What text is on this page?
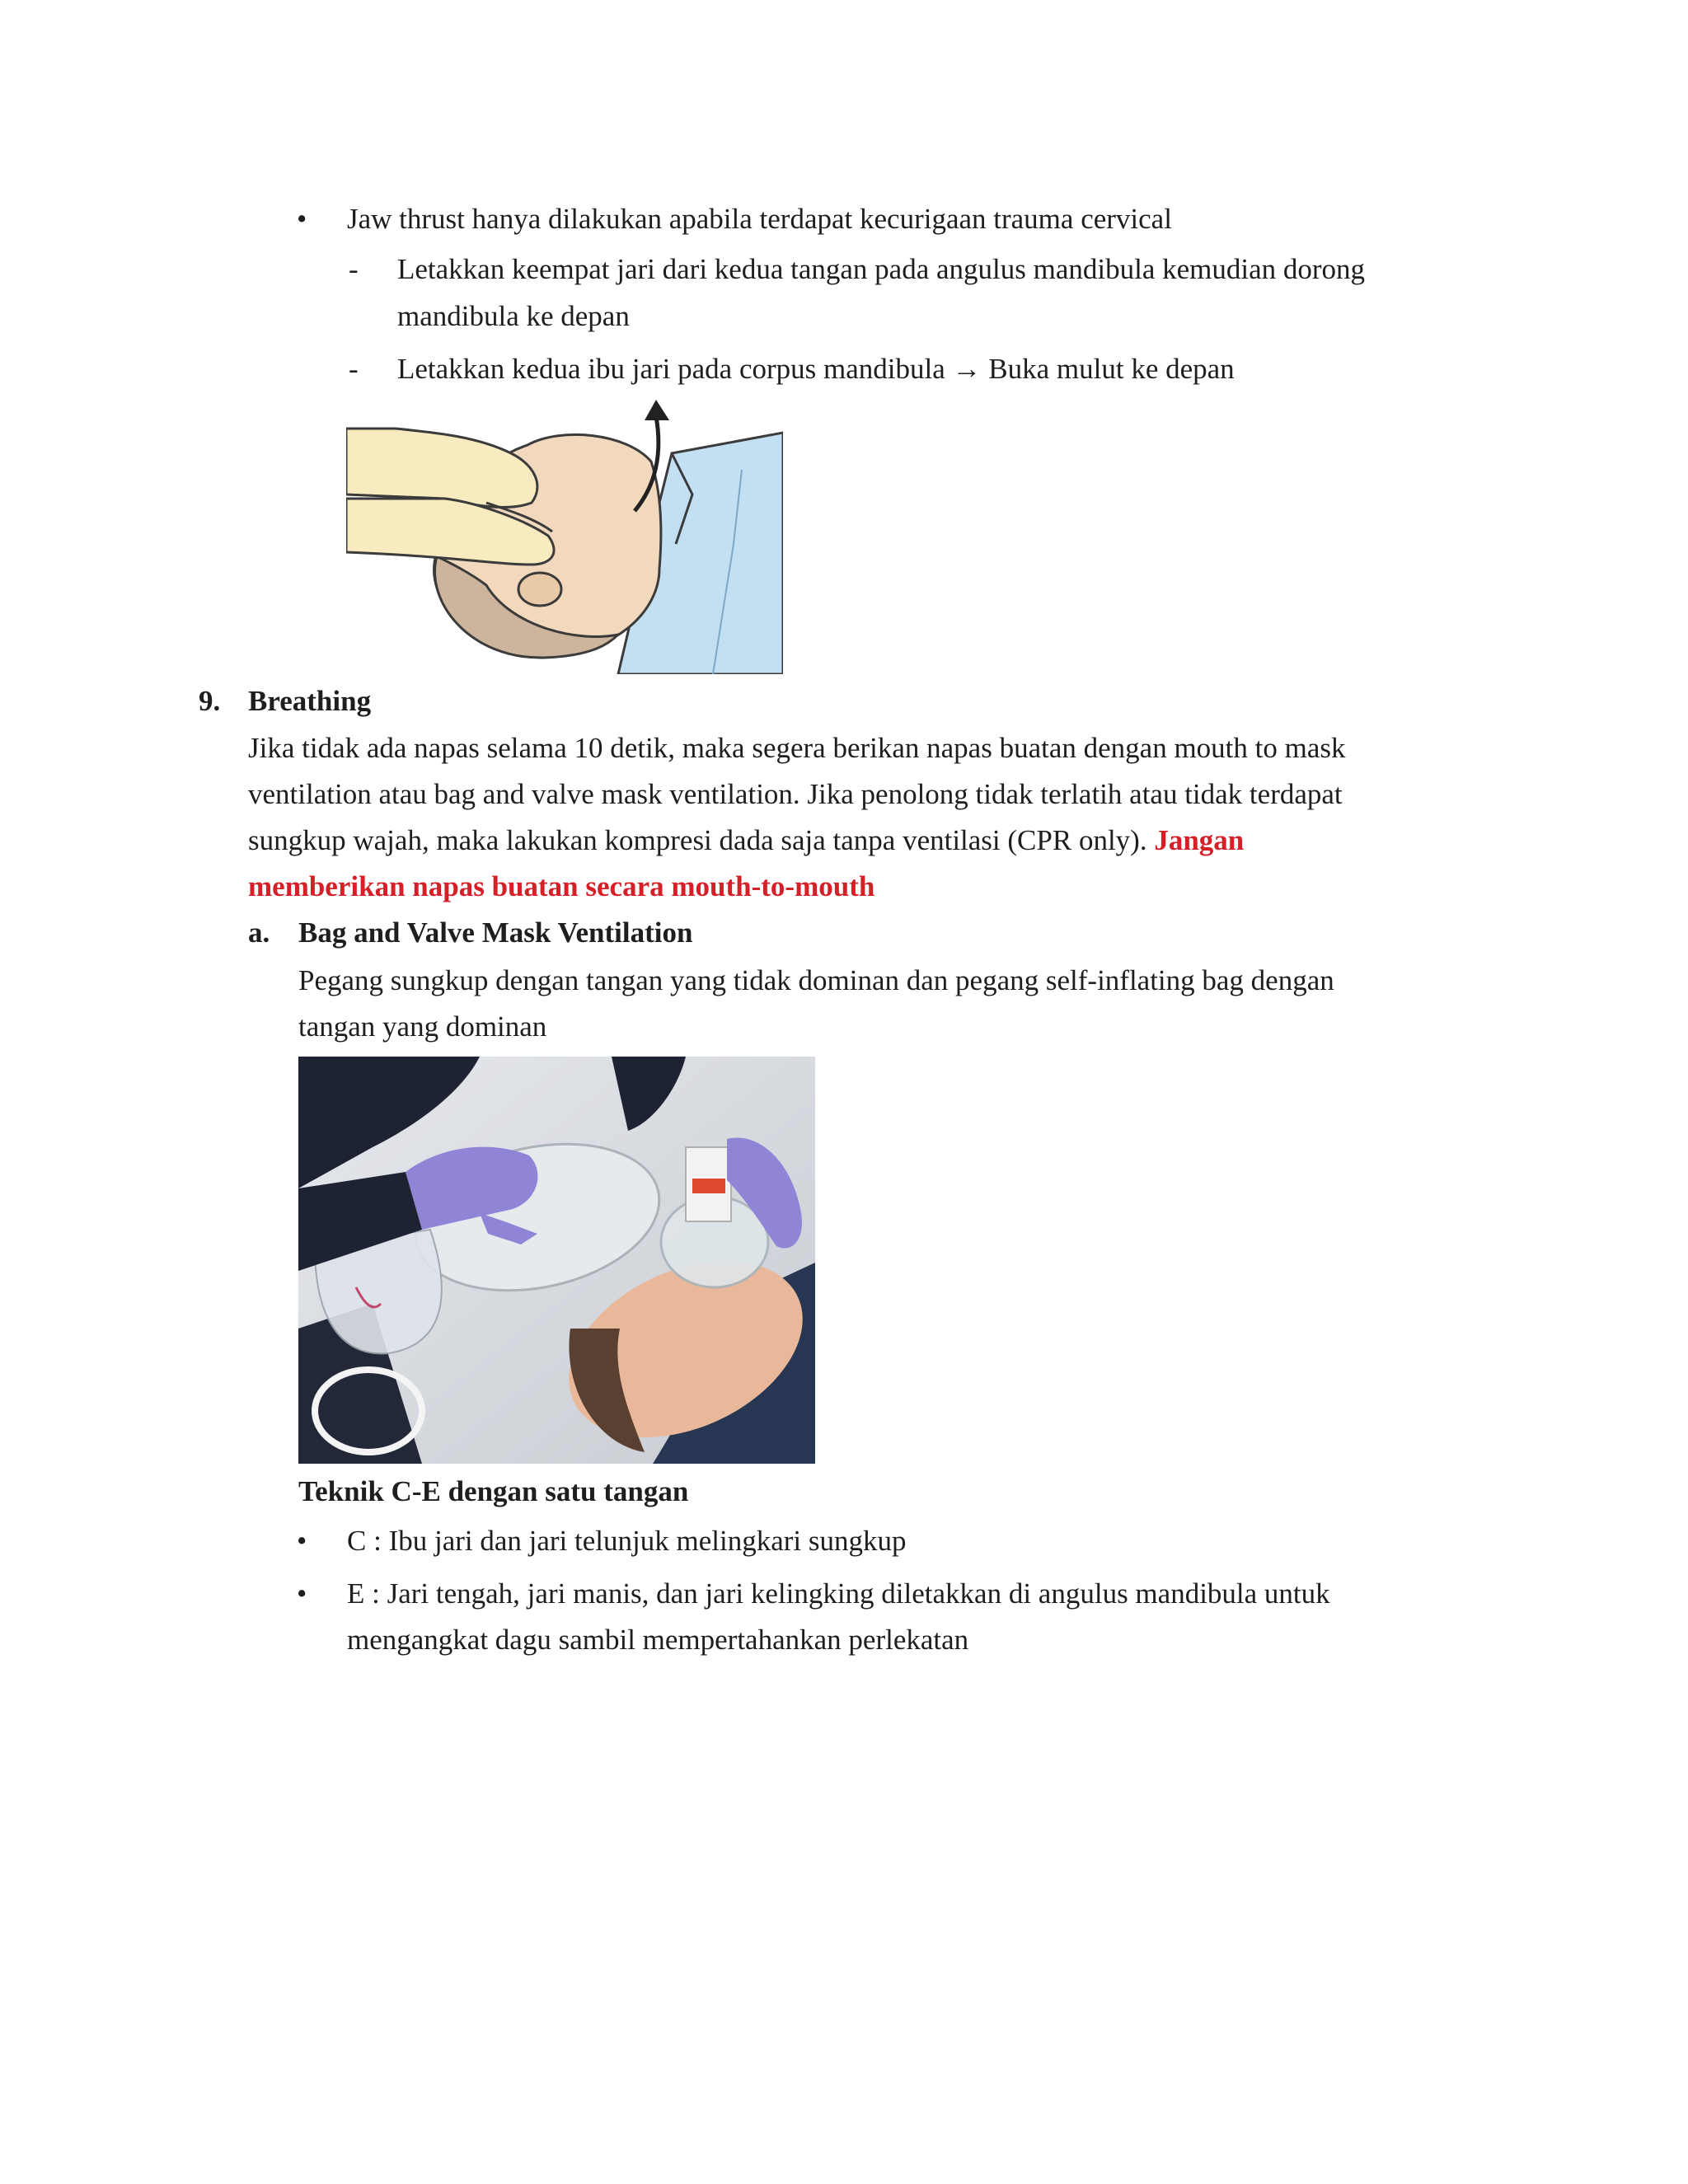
• Jaw thrust hanya dilakukan apabila terdapat kecurigaan trauma cervical
- Letakkan keempat jari dari kedua tangan pada angulus mandibula kemudian dorong
mandibula ke depan
- Letakkan kedua ibu jari pada corpus mandibula → Buka mulut ke depan
9. Breathing
Jika tidak ada napas selama 10 detik, maka segera berikan napas buatan dengan mouth to mask
ventilation atau bag and valve mask ventilation. Jika penolong tidak terlatih atau tidak terdapat
sungkup wajah, maka lakukan kompresi dada saja tanpa ventilasi (CPR only). Jangan
memberikan napas buatan secara mouth-to-mouth
a. Bag and Valve Mask Ventilation
Pegang sungkup dengan tangan yang tidak dominan dan pegang self-inflating bag dengan
tangan yang dominan
Teknik C-E dengan satu tangan
• C : Ibu jari dan jari telunjuk melingkari sungkup
• E : Jari tengah, jari manis, dan jari kelingking diletakkan di angulus mandibula untuk
mengangkat dagu sambil mempertahankan perlekatan
